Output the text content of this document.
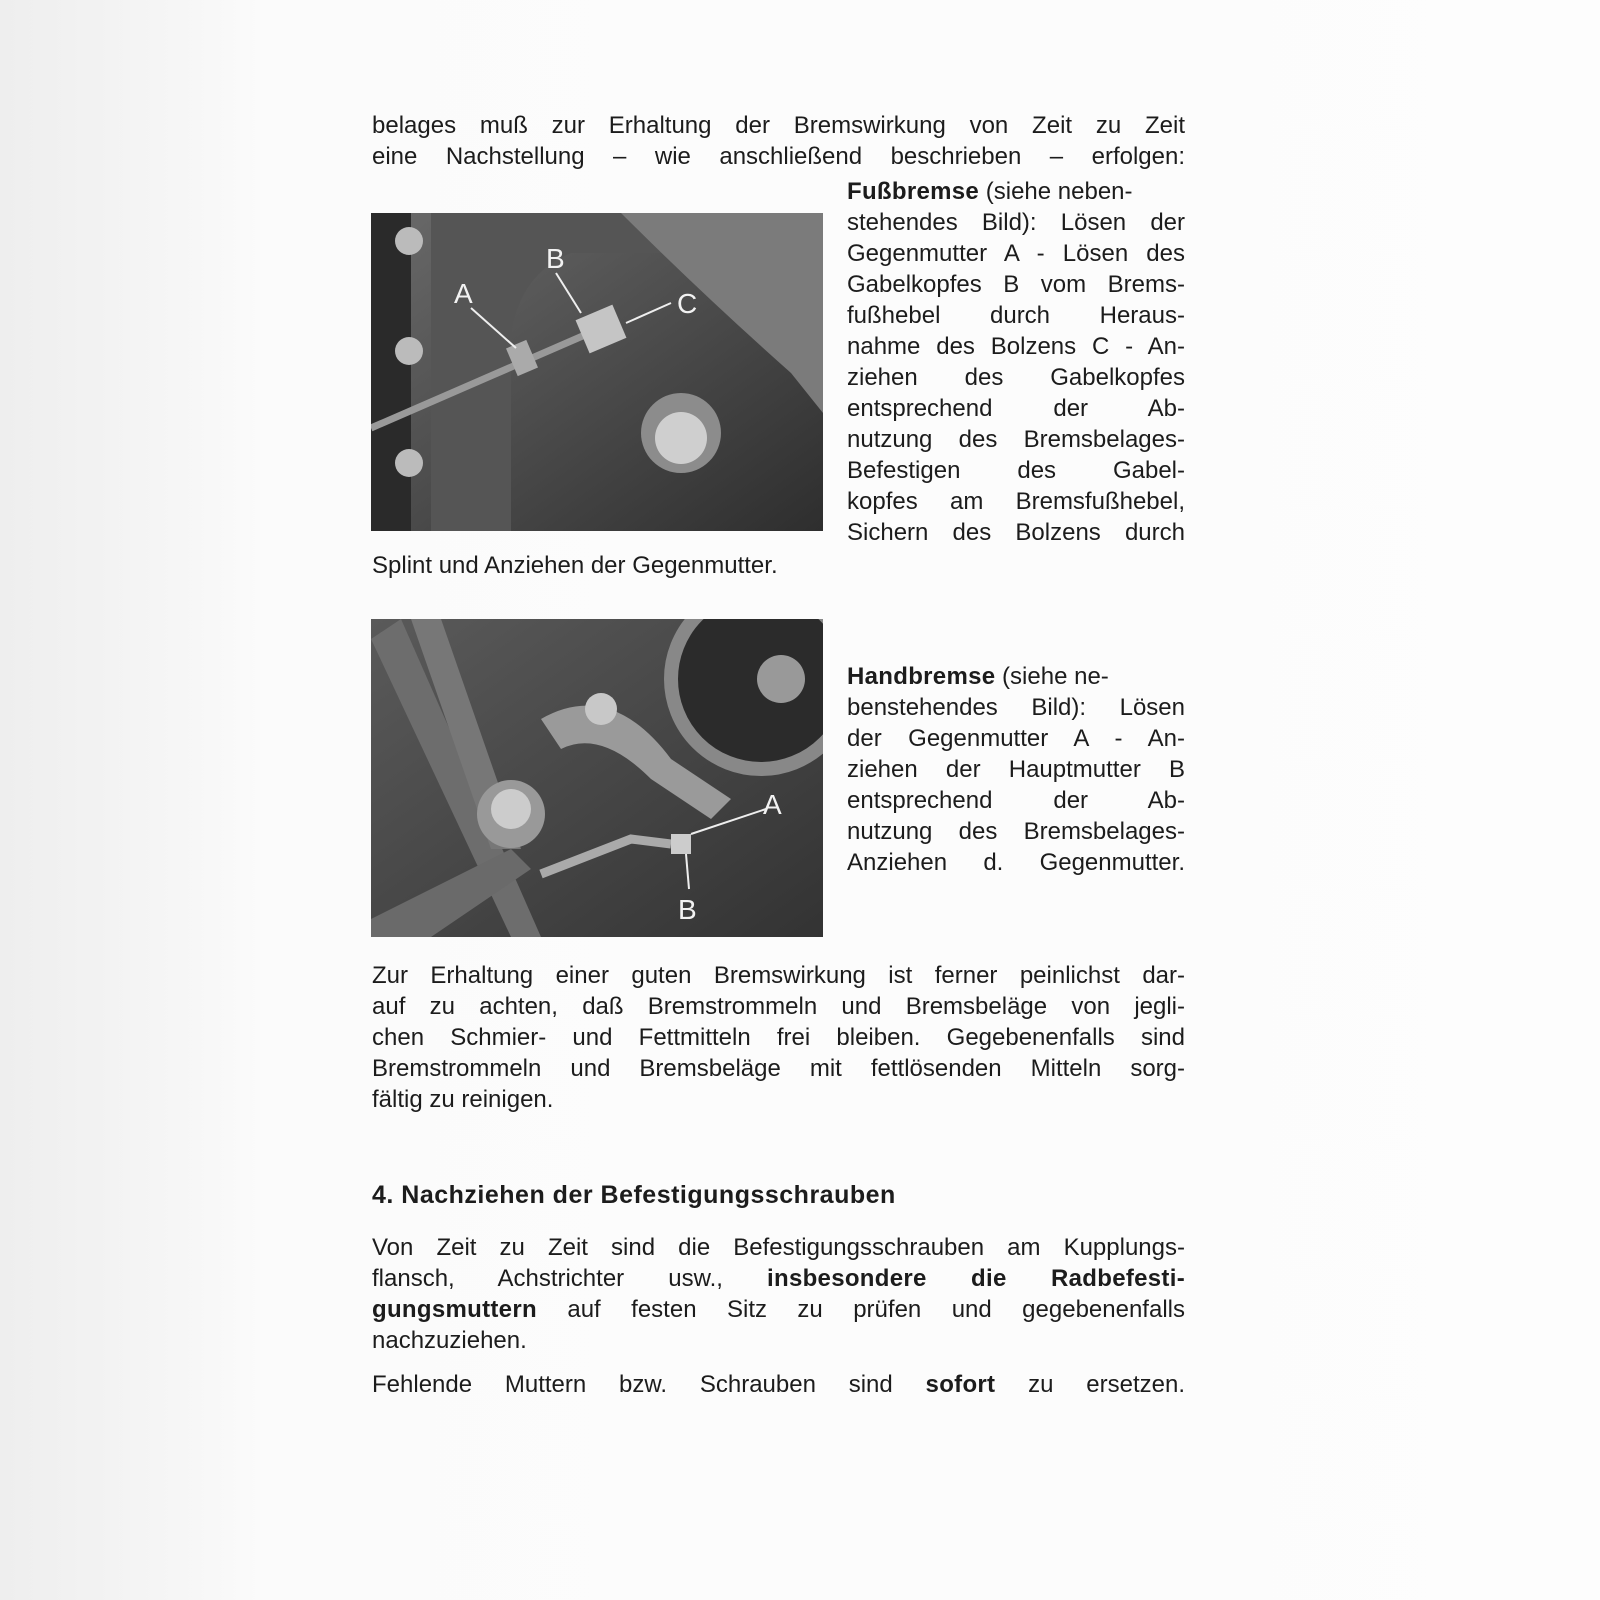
belages muß zur Erhaltung der Bremswirkung von Zeit zu Zeit
eine Nachstellung – wie anschließend beschrieben – erfolgen:
Fußbremse (siehe neben-
stehendes Bild): Lösen der
Gegenmutter A - Lösen des
Gabelkopfes B vom Brems-
fußhebel durch Heraus-
nahme des Bolzens C - An-
ziehen des Gabelkopfes
entsprechend der Ab-
nutzung des Bremsbelages-
Befestigen des Gabel-
kopfes am Bremsfußhebel,
Sichern des Bolzens durch
Splint und Anziehen der Gegenmutter.
Handbremse (siehe ne-
benstehendes Bild): Lösen
der Gegenmutter A - An-
ziehen der Hauptmutter B
entsprechend der Ab-
nutzung des Bremsbelages-
Anziehen d. Gegenmutter.
Zur Erhaltung einer guten Bremswirkung ist ferner peinlichst dar-
auf zu achten, daß Bremstrommeln und Bremsbeläge von jegli-
chen Schmier- und Fettmitteln frei bleiben. Gegebenenfalls sind
Bremstrommeln und Bremsbeläge mit fettlösenden Mitteln sorg-
fältig zu reinigen.
4. Nachziehen der Befestigungsschrauben
Von Zeit zu Zeit sind die Befestigungsschrauben am Kupplungs-
flansch, Achstrichter usw., insbesondere die Radbefesti-
gungsmuttern auf festen Sitz zu prüfen und gegebenenfalls
nachzuziehen.
Fehlende Muttern bzw. Schrauben sind sofort zu ersetzen.
A
B
C
A
B
